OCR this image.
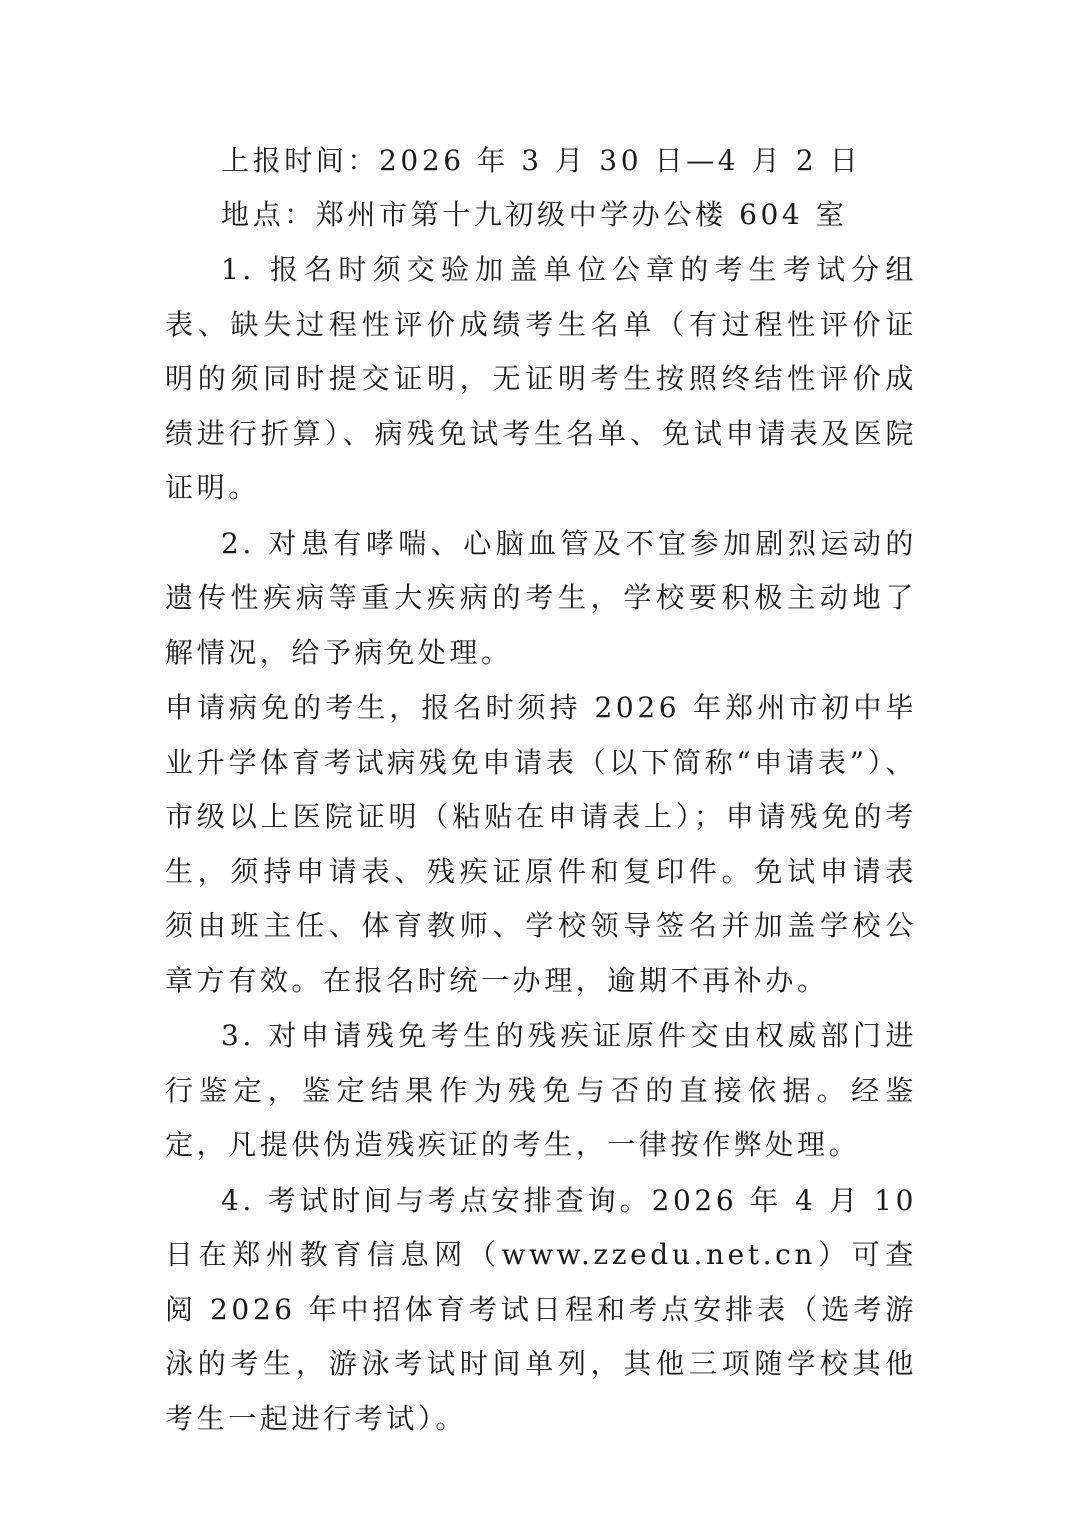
上报时间：2026 年 3 月 30 日—4 月 2 日

地点：郑州市第十九初级中学办公楼 604 室

1. 报名时须交验加盖单位公章的考生考试分组表、缺失过程性评价成绩考生名单（有过程性评价证明的须同时提交证明，无证明考生按照终结性评价成绩进行折算）、病残免试考生名单、免试申请表及医院证明。

2. 对患有哮喘、心脑血管及不宜参加剧烈运动的遗传性疾病等重大疾病的考生，学校要积极主动地了解情况，给予病免处理。

申请病免的考生，报名时须持 2026 年郑州市初中毕业升学体育考试病残免申请表（以下简称“申请表”）、市级以上医院证明（粘贴在申请表上）；申请残免的考生，须持申请表、残疾证原件和复印件。免试申请表须由班主任、体育教师、学校领导签名并加盖学校公章方有效。在报名时统一办理，逾期不再补办。

3. 对申请残免考生的残疾证原件交由权威部门进行鉴定，鉴定结果作为残免与否的直接依据。经鉴定，凡提供伪造残疾证的考生，一律按作弊处理。

4. 考试时间与考点安排查询。2026 年 4 月 10 日在郑州教育信息网（www.zzedu.net.cn）可查阅 2026 年中招体育考试日程和考点安排表（选考游泳的考生，游泳考试时间单列，其他三项随学校其他考生一起进行考试）。
